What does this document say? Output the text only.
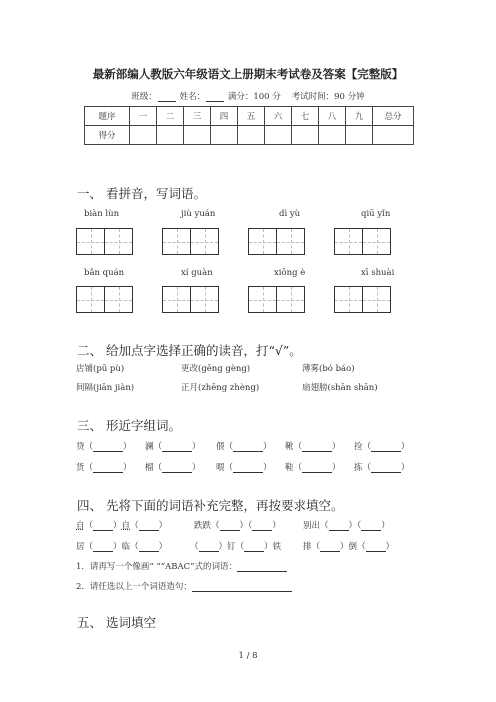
最新部编人教版六年级语文上册期末考试卷及答案【完整版】
班级：	姓名：	满分：100 分 考试时间：90 分钟
题序	一	二	三	四	五	六	七	八	九	总分
得分										
一、 看拼音，写词语。
biàn lùn	jiù yuán	dì yù	qiū yǐn
bǎn quán	xí guàn	xiōng è	xī shuài
二、 给加点字选择正确的读音，打“√”。
店铺(pū pù)	更改(gēng gèng)	薄雾(bó báo)
间隔(jiān jiàn)	正月(zhēng zhèng)	扇翅膀(shān shān)
三、 形近字组词。
贷（	） 澜（	） 偎（	） 靴（	） 捡（	）
货（	） 榴（	） 喂（	） 鞋（	） 拣（	）
四、 先将下面的词语补充完整，再按要求填空。
自（ ）自（ ）	跌跌（ ）（ ）	别出（ ）（ ）
居（ ）临（ ）	（ ）钉（ ）铁	排（ ）倒（ ）
1．请再写一个像画“ ”“ABAC”式的词语：
2．请任选以上一个词语造句：
五、 选词填空
1 / 8
